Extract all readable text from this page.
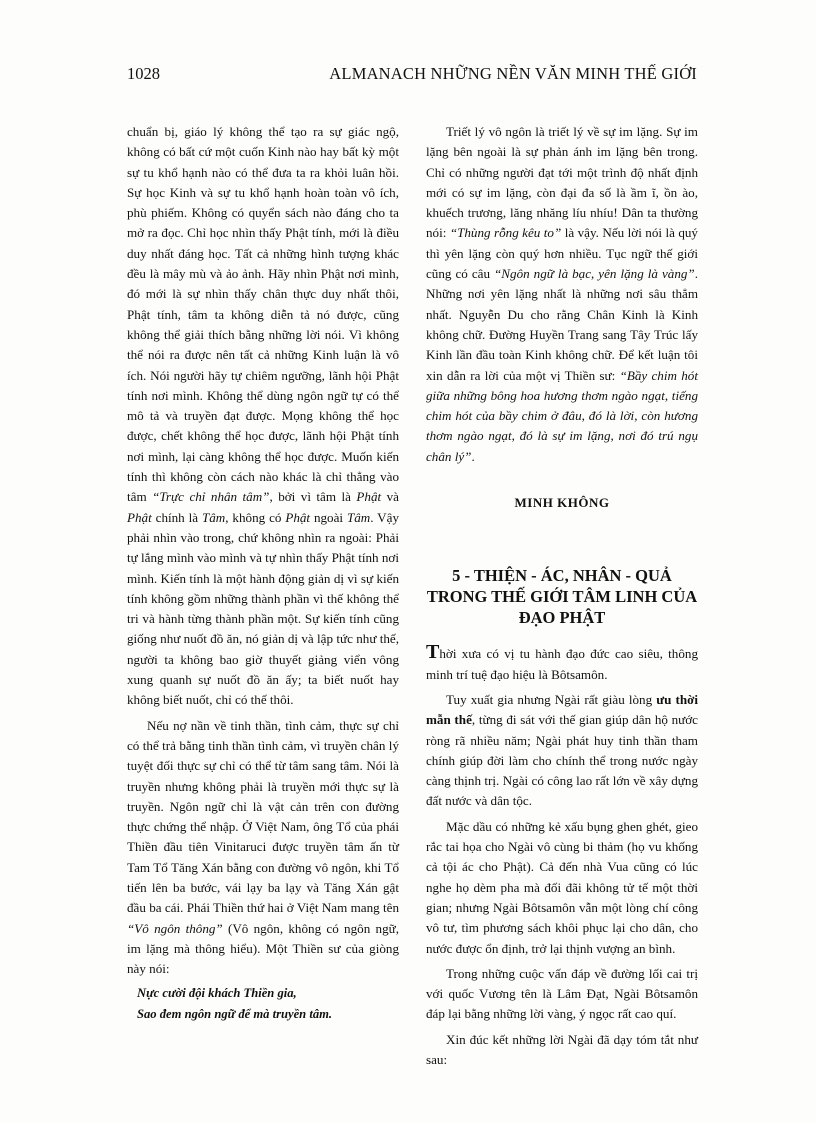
1028	ALMANACH NHỮNG NỀN VĂN MINH THẾ GIỚI

chuẩn bị, giáo lý không thể tạo ra sự giác ngộ, không có bất cứ một cuốn Kinh nào hay bất kỳ một sự tu khổ hạnh nào có thể đưa ta ra khỏi luân hồi. Sự học Kinh và sự tu khổ hạnh hoàn toàn vô ích, phù phiếm. Không có quyển sách nào đáng cho ta mở ra đọc. Chỉ học nhìn thấy Phật tính, mới là điều duy nhất đáng học. Tất cả những hình tượng khác đều là mây mù và ảo ảnh. Hãy nhìn Phật nơi mình, đó mới là sự nhìn thấy chân thực duy nhất thôi, Phật tính, tâm ta không diễn tả nó được, cũng không thể giải thích bằng những lời nói. Vì không thể nói ra được nên tất cả những Kinh luận là vô ích. Nói người hãy tự chiêm ngưỡng, lãnh hội Phật tính nơi mình. Không thể dùng ngôn ngữ tự có thể mô tả và truyền đạt được. Mọng không thể học được, chết không thể học được, lãnh hội Phật tính nơi mình, lại càng không thể học được. Muốn kiến tính thì không còn cách nào khác là chỉ thẳng vào tâm “Trực chỉ nhân tâm”, bởi vì tâm là Phật và Phật chính là Tâm, không có Phật ngoài Tâm. Vậy phải nhìn vào trong, chứ không nhìn ra ngoài: Phải tự lắng mình vào mình và tự nhìn thấy Phật tính nơi mình. Kiến tính là một hành động giản dị vì sự kiến tính không gồm những thành phần vì thế không thể tri và hành từng thành phần một. Sự kiến tính cũng giống như nuốt đồ ăn, nó giản dị và lập tức như thế, người ta không bao giờ thuyết giảng viển vông xung quanh sự nuốt đồ ăn ấy; ta biết nuốt hay không biết nuốt, chỉ có thế thôi.

Nếu nợ nần về tinh thần, tình cảm, thực sự chỉ có thể trả bằng tinh thần tình cảm, vì truyền chân lý tuyệt đối thực sự chỉ có thể từ tâm sang tâm. Nói là truyền nhưng không phải là truyền mới thực sự là truyền. Ngôn ngữ chỉ là vật cản trên con đường thực chứng thể nhập. Ở Việt Nam, ông Tổ của phái Thiền đầu tiên Vinitaruci được truyền tâm ấn từ Tam Tổ Tăng Xán bằng con đường vô ngôn, khi Tổ tiến lên ba bước, vái lạy ba lạy và Tăng Xán gật đầu ba cái. Phái Thiền thứ hai ở Việt Nam mang tên “Vô ngôn thông” (Vô ngôn, không có ngôn ngữ, im lặng mà thông hiểu). Một Thiền sư của giòng này nói:

Nực cười đội khách Thiền gia,
Sao đem ngôn ngữ để mà truyền tâm.

Triết lý vô ngôn là triết lý về sự im lặng. Sự im lặng bên ngoài là sự phản ánh im lặng bên trong. Chỉ có những người đạt tới một trình độ nhất định mới có sự im lặng, còn đại đa số là ầm ĩ, ồn ào, khuếch trương, lăng nhăng líu nhíu! Dân ta thường nói: “Thùng rỗng kêu to” là vậy. Nếu lời nói là quý thì yên lặng còn quý hơn nhiều. Tục ngữ thế giới cũng có câu “Ngôn ngữ là bạc, yên lặng là vàng”. Những nơi yên lặng nhất là những nơi sâu thẳm nhất. Nguyễn Du cho rằng Chân Kinh là Kinh không chữ. Đường Huyền Trang sang Tây Trúc lấy Kinh lần đầu toàn Kinh không chữ. Để kết luận tôi xin dẫn ra lời của một vị Thiền sư: “Bầy chim hót giữa những bông hoa hương thơm ngào ngạt, tiếng chim hót của bầy chim ở đâu, đó là lời, còn hương thơm ngào ngạt, đó là sự im lặng, nơi đó trú ngụ chân lý”.

MINH KHÔNG

5 - THIỆN - ÁC, NHÂN - QUẢ TRONG THẾ GIỚI TÂM LINH CỦA ĐẠO PHẬT

Thời xưa có vị tu hành đạo đức cao siêu, thông minh trí tuệ đạo hiệu là Bôtsamôn.

Tuy xuất gia nhưng Ngài rất giàu lòng ưu thời mẫn thế, từng đi sát với thế gian giúp dân hộ nước ròng rã nhiều năm; Ngài phát huy tinh thần tham chính giúp đời làm cho chính thể trong nước ngày càng thịnh trị. Ngài có công lao rất lớn về xây dựng đất nước và dân tộc.

Mặc dầu có những kẻ xấu bụng ghen ghét, gieo rắc tai họa cho Ngài vô cùng bi thảm (họ vu khống cả tội ác cho Phật). Cả đến nhà Vua cũng có lúc nghe họ dèm pha mà đối đãi không tử tế một thời gian; nhưng Ngài Bôtsamôn vẫn một lòng chí công vô tư, tìm phương sách khôi phục lại cho dân, cho nước được ổn định, trở lại thịnh vượng an bình.

Trong những cuộc vấn đáp về đường lối cai trị với quốc Vương tên là Lâm Đạt, Ngài Bôtsamôn đáp lại bằng những lời vàng, ý ngọc rất cao quí.

Xin đúc kết những lời Ngài đã dạy tóm tắt như sau:
